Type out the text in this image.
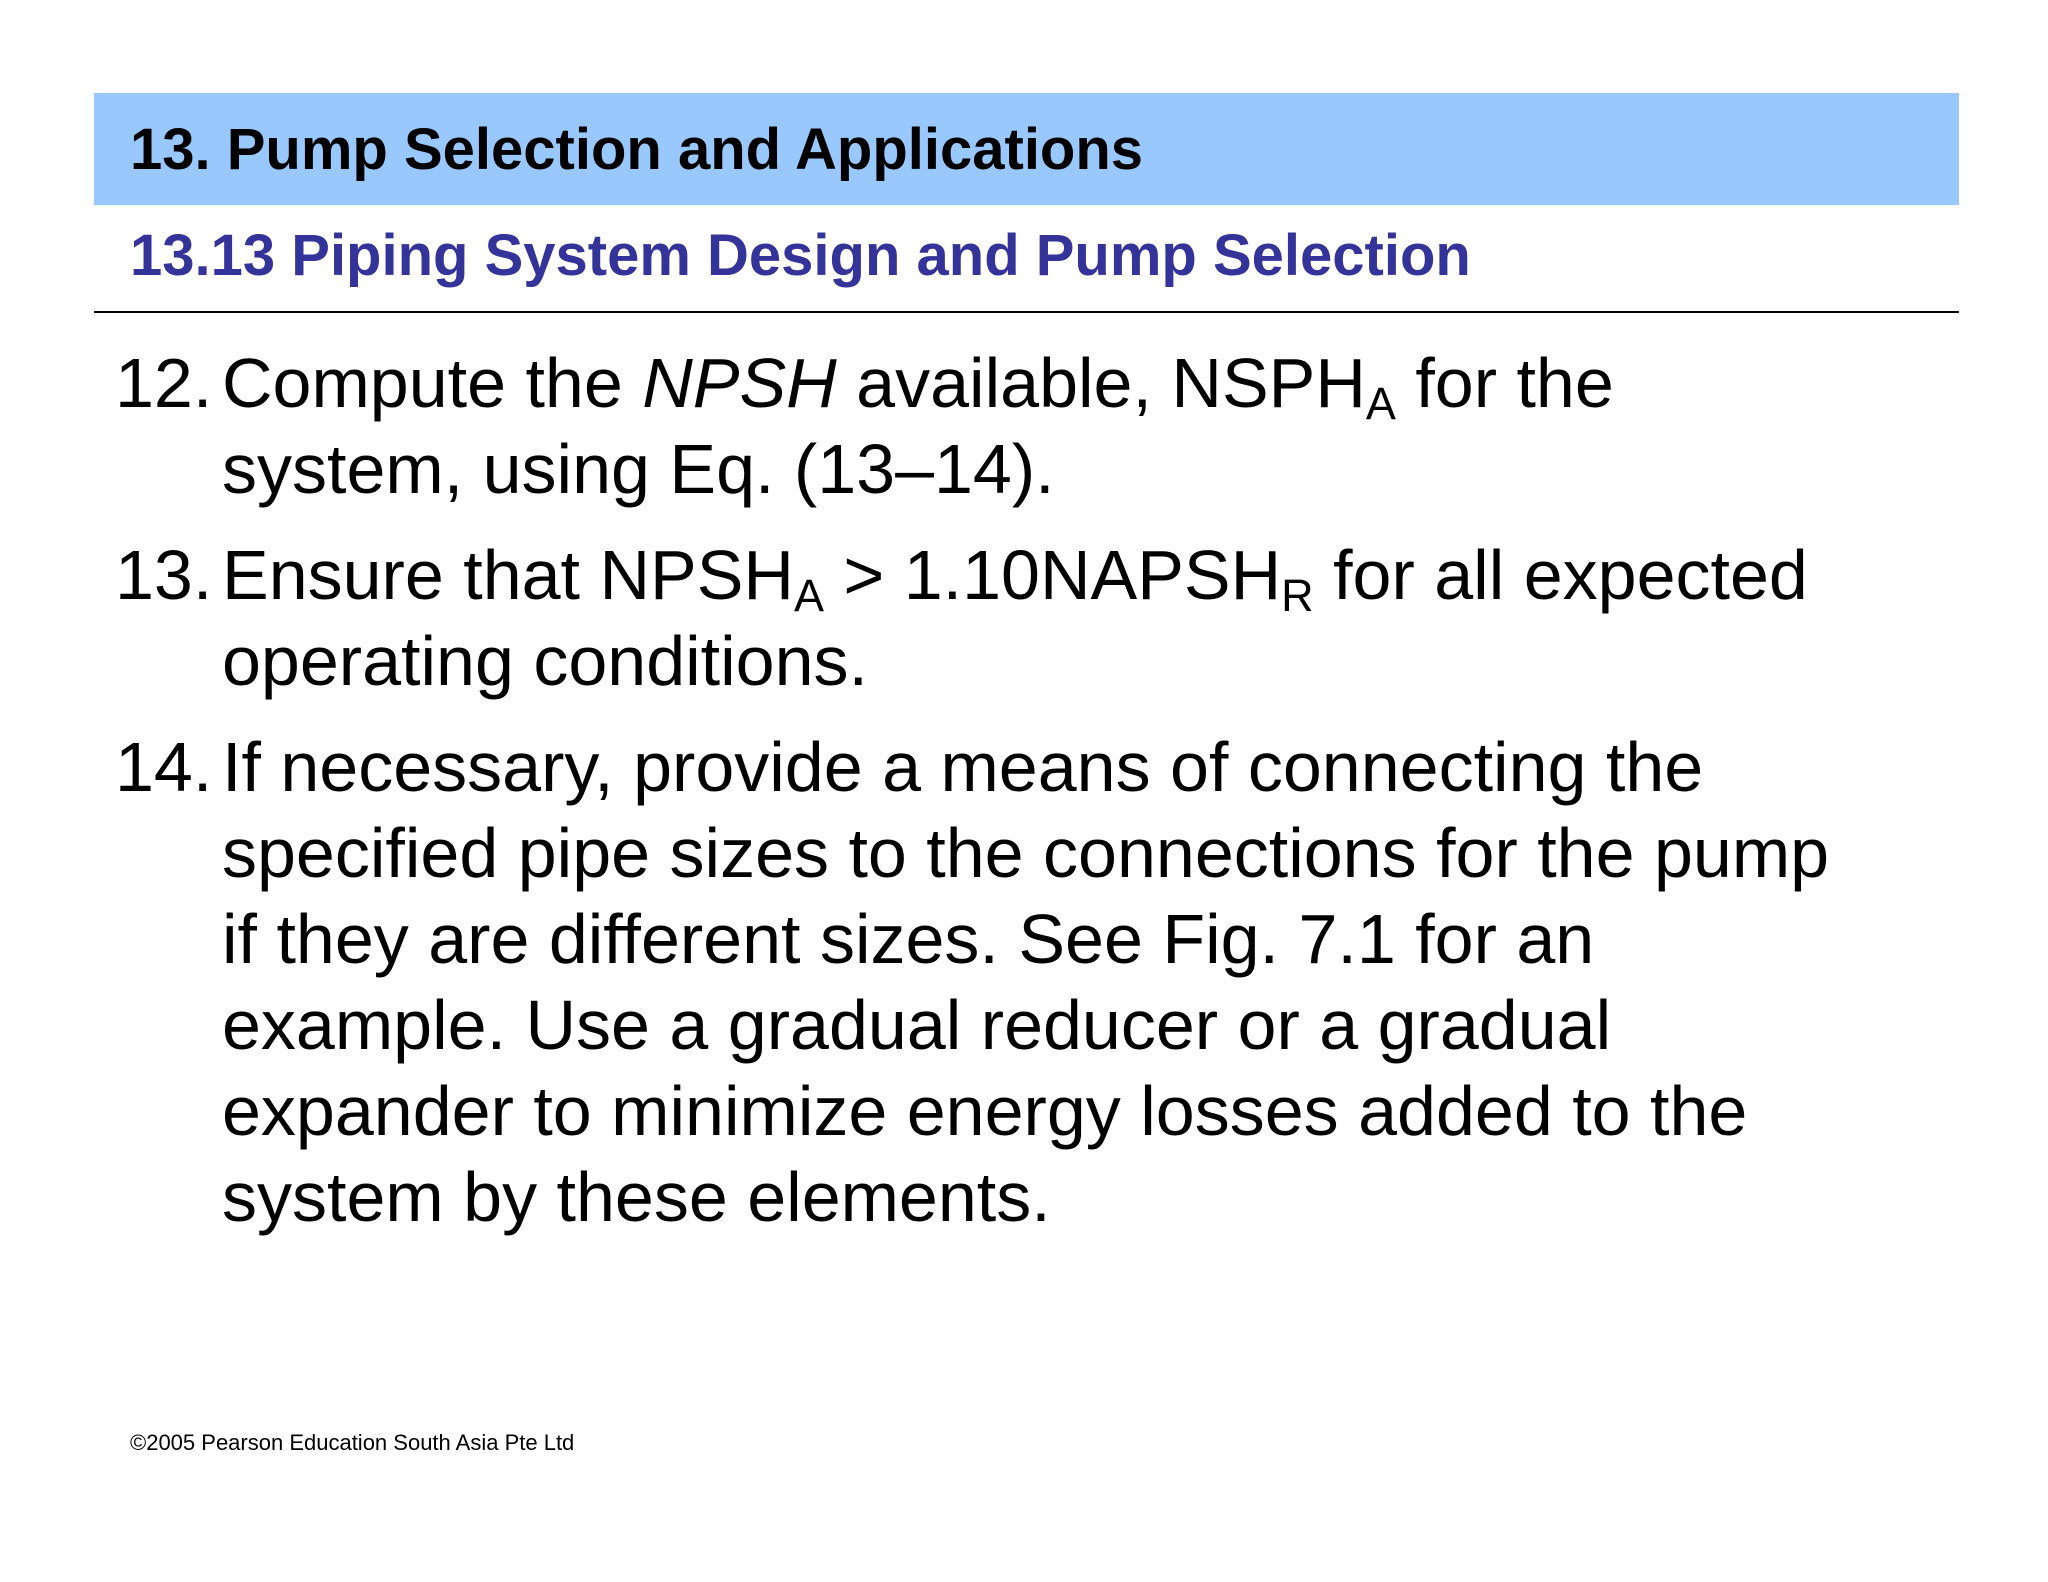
13. Pump Selection and Applications
13.13 Piping System Design and Pump Selection
12. Compute the NPSH available, $NSPH_A$ for the
system, using Eq. (13–14).
13. Ensure that $NPSH_A$ > $1.10NAPSH_R$ for all expected
operating conditions.
14. If necessary, provide a means of connecting the
specified pipe sizes to the connections for the pump
if they are different sizes. See Fig. 7.1 for an
example. Use a gradual reducer or a gradual
expander to minimize energy losses added to the
system by these elements.
©2005 Pearson Education South Asia Pte Ltd
